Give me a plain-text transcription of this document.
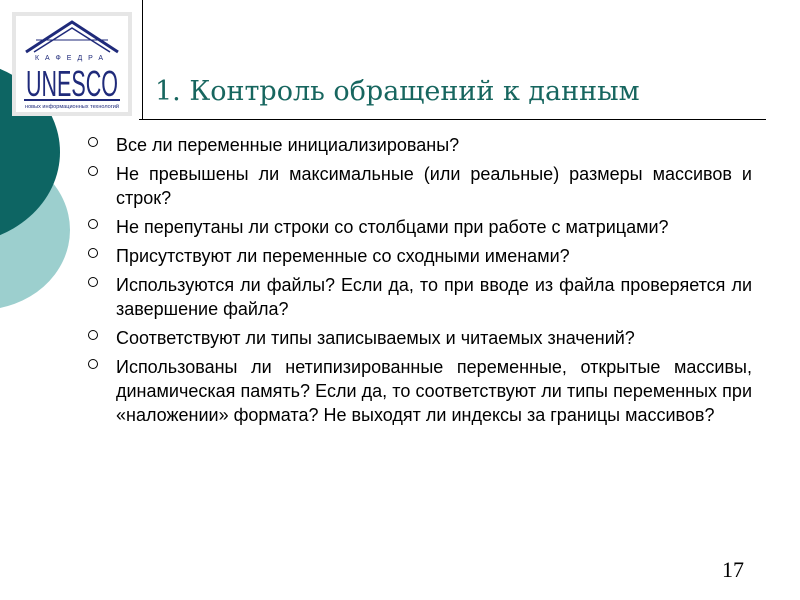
КАФЕДРА
UNESCO
новых информационных технологий	1. Контроль обращений к данным
Все ли переменные инициализированы?
Не превышены ли максимальные (или реальные) размеры массивов и строк?
Не перепутаны ли строки со столбцами при работе с матрицами?
Присутствуют ли переменные со сходными именами?
Используются ли файлы? Если да, то при вводе из файла проверяется ли завершение файла?
Соответствуют ли типы записываемых и читаемых значений?
Использованы ли нетипизированные переменные, открытые массивы, динамическая память? Если да, то соответствуют ли типы переменных при «наложении» формата? Не выходят ли индексы за границы массивов?
17
